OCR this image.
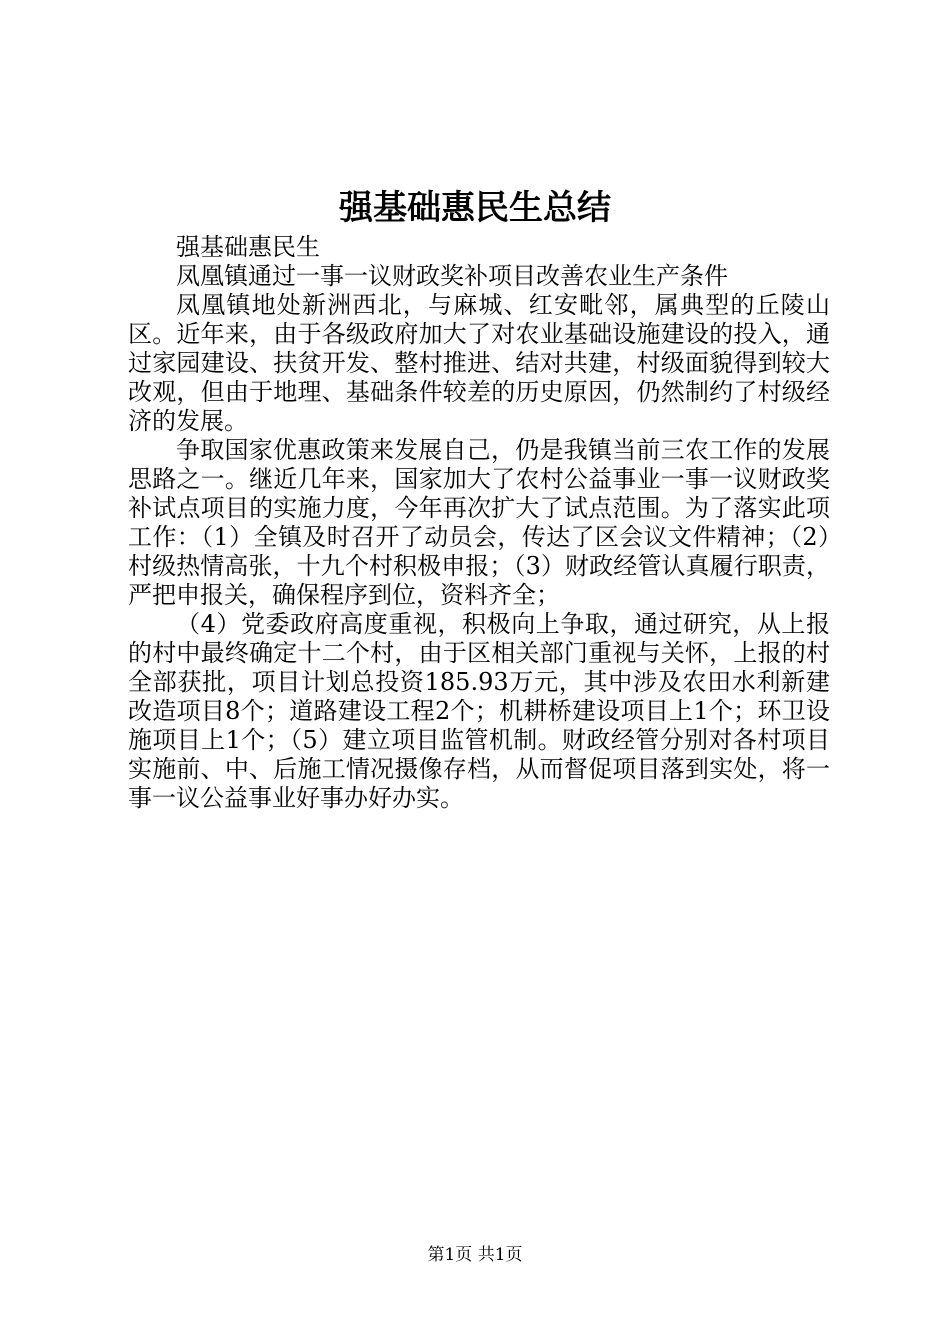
强基础惠民生总结

强基础惠民生

凤凰镇通过一事一议财政奖补项目改善农业生产条件

凤凰镇地处新洲西北，与麻城、红安毗邻，属典型的丘陵山区。近年来，由于各级政府加大了对农业基础设施建设的投入，通过家园建设、扶贫开发、整村推进、结对共建，村级面貌得到较大改观，但由于地理、基础条件较差的历史原因，仍然制约了村级经济的发展。

争取国家优惠政策来发展自己，仍是我镇当前三农工作的发展思路之一。继近几年来，国家加大了农村公益事业一事一议财政奖补试点项目的实施力度，今年再次扩大了试点范围。为了落实此项工作：（1）全镇及时召开了动员会，传达了区会议文件精神；（2）村级热情高张，十九个村积极申报；（3）财政经管认真履行职责，严把申报关，确保程序到位，资料齐全；

（4）党委政府高度重视，积极向上争取，通过研究，从上报的村中最终确定十二个村，由于区相关部门重视与关怀，上报的村全部获批，项目计划总投资185.93万元，其中涉及农田水利新建改造项目8个；道路建设工程2个；机耕桥建设项目上1个；环卫设施项目上1个；（5）建立项目监管机制。财政经管分别对各村项目实施前、中、后施工情况摄像存档，从而督促项目落到实处，将一事一议公益事业好事办好办实。

第1页 共1页
